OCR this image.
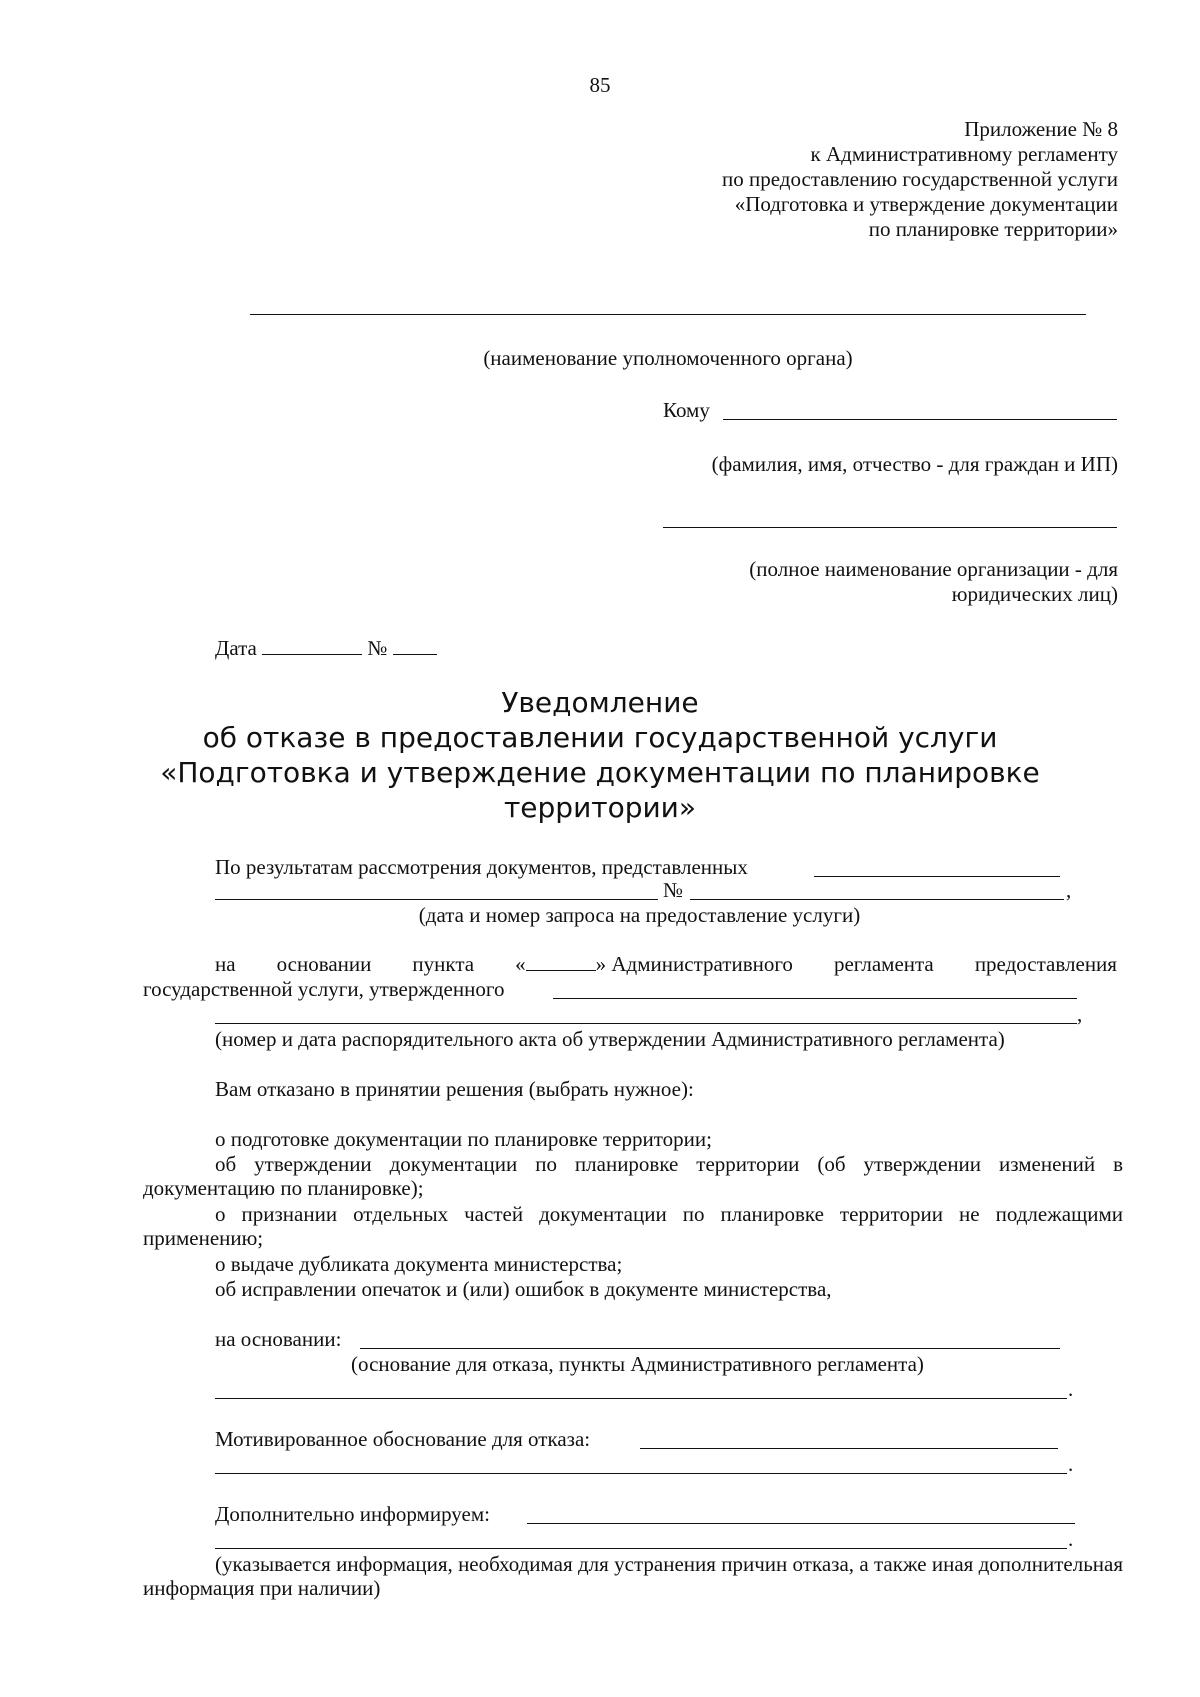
85
Приложение № 8
к Административному регламенту
по предоставлению государственной услуги
«Подготовка и утверждение документации
по планировке территории»
(наименование уполномоченного органа)
Кому
(фамилия, имя, отчество - для граждан и ИП)
(полное наименование организации - для
юридических лиц)
Дата	№
Уведомление
об отказе в предоставлении государственной услуги
«Подготовка и утверждение документации по планировке
территории»
По результатам рассмотрения документов, представленных
№	,
(дата и номер запроса на предоставление услуги)
на основании пункта «	» Административного регламента предоставления
государственной услуги, утвержденного
,
(номер и дата распорядительного акта об утверждении Административного регламента)
Вам отказано в принятии решения (выбрать нужное):
о подготовке документации по планировке территории;
об утверждении документации по планировке территории (об утверждении изменений в документацию по планировке);
о признании отдельных частей документации по планировке территории не подлежащими применению;
о выдаче дубликата документа министерства;
об исправлении опечаток и (или) ошибок в документе министерства,
на основании:
(основание для отказа, пункты Административного регламента)
.
Мотивированное обоснование для отказа:
.
Дополнительно информируем:
.
(указывается информация, необходимая для устранения причин отказа, а также иная дополнительная информация при наличии)
